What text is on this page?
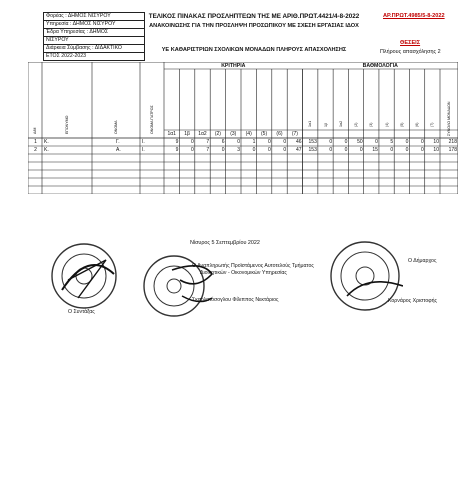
Φορέας : ΔΗΜΟΣ ΝΙΣΥΡΟΥ
Υπηρεσία : ΔΗΜΟΣ ΝΙΣΥΡΟΥ
Έδρα Υπηρεσίας : ΔΗΜΟΣ
ΝΙΣΥΡΟΥ
Διάρκεια Σύμβασης : ΔΙΔΑΚΤΙΚΟ
ΕΤΟΣ 2022-2023
ΤΕΛΙΚΟΣ ΠΙΝΑΚΑΣ ΠΡΟΣΛΗΠΤΕΩΝ ΤΗΣ ΜΕ ΑΡΙΘ.ΠΡΩΤ.4421/4-8-2022
ΑΝΑΚΟΙΝΩΣΗΣ ΓΙΑ ΤΗΝ ΠΡΟΣΛΗΨΗ ΠΡΟΣΩΠΙΚΟΥ ΜΕ ΣΧΕΣΗ ΕΡΓΑΣΙΑΣ ΙΔΟΧ
ΑΡ.ΠΡΩΤ.4985/5-8-2022
ΘΕΣΕΙΣ
ΥΕ ΚΑΘΑΡΙΣΤΡΙΩΝ ΣΧΟΛΙΚΩΝ ΜΟΝΑΔΩΝ ΠΛΗΡΟΥΣ ΑΠΑΣΧΟΛΗΣΗΣ	Πλήρους απασχόλησης 2
Α/Μ	ΕΠΩΝΥΜΟ	ΟΝΟΜΑ	ΟΝΟΜΑ ΠΑΤΡΟΣ
ΚΡΙΤΗΡΙΑ	ΒΑΘΜΟΛΟΓΙΑ
1α1	1β	1α2	(2)	(3)	(4)	(5)	(6)	(7)
1α1	1β	1α2	(2)	(3)	(4)	(5)	(6)	(7)	ΣΥΝΟΛΟ ΜΟΝΑΔΩΝ
1	Κ.	Γ.	Ι.	9	0	7	6	0	1	0	0	46	153	0	0	50	0	5	0	0	10	218
2	Κ.	Α.	Ι.	9	0	7	0	3	0	0	0	47	153	0	0	0	15	0	0	0	10	178
Νίσυρος 5 Σεπτεμβρίου 2022
Ο Συντάξας
Ο Αναπληρωτής Προϊστάμενος Αυτοτελούς Τμήματος
Διοικητικών - Οικονομικών Υπηρεσίας
Σκαρλατόσογλου Φίλιππος Νεκτάριος
Ο Δήμαρχος
Κορνάρος Χριστοφής
